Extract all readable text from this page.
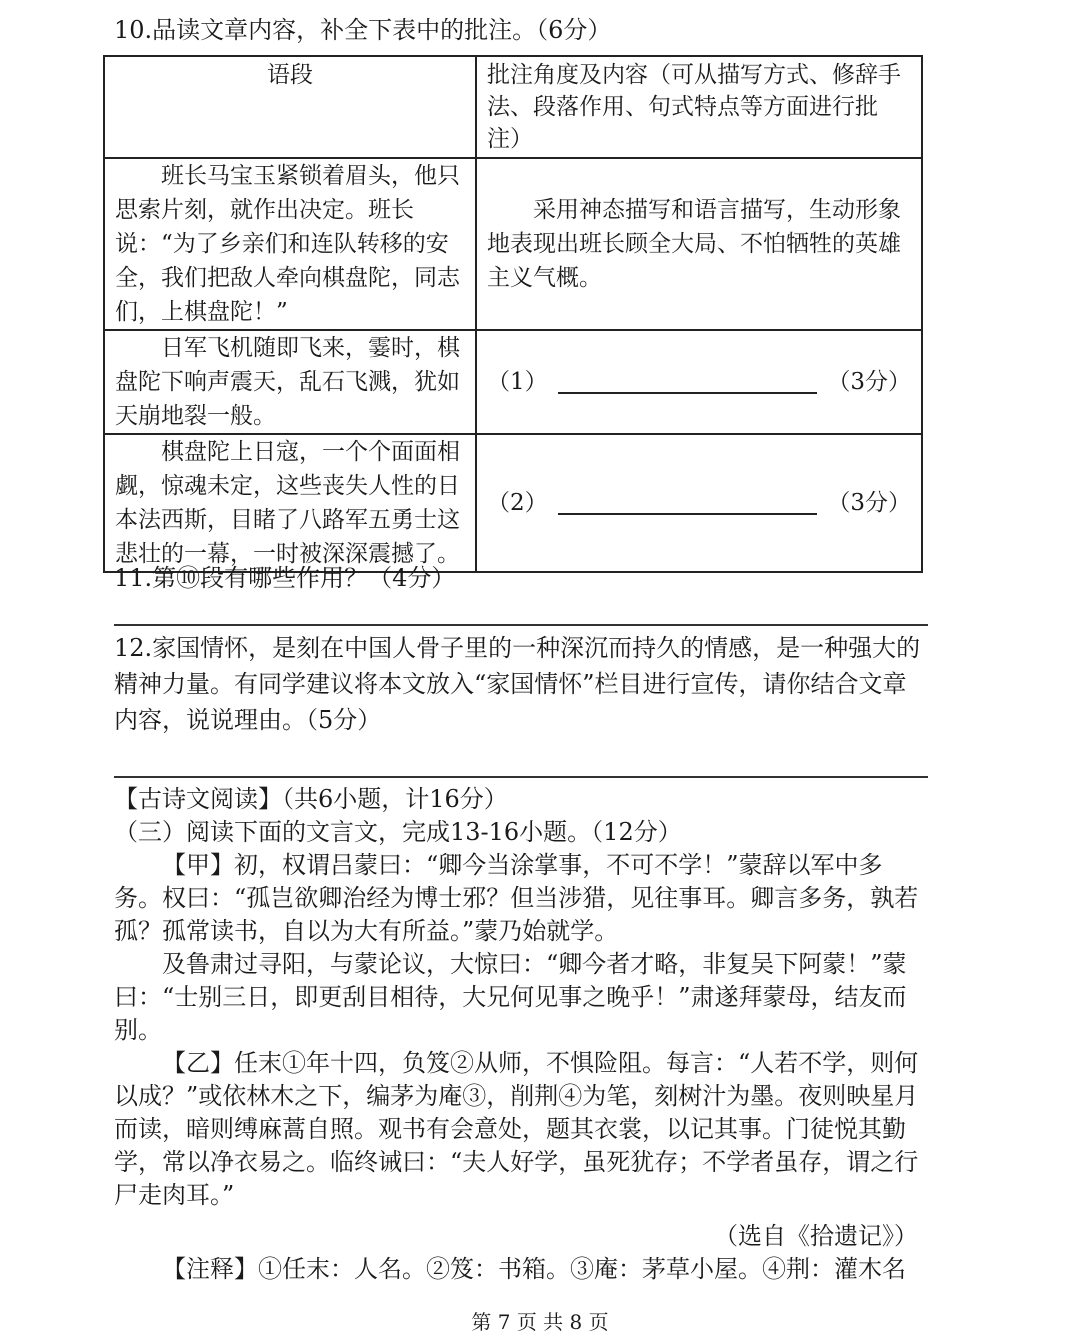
10.品读文章内容，补全下表中的批注。（6分）
语段	批注角度及内容（可从描写方式、修辞手法、段落作用、句式特点等方面进行批注）
班长马宝玉紧锁着眉头，他只思索片刻，就作出决定。班长说：“为了乡亲们和连队转移的安全，我们把敌人牵向棋盘陀，同志们，上棋盘陀！”	采用神态描写和语言描写，生动形象地表现出班长顾全大局、不怕牺牲的英雄主义气概。
日军飞机随即飞来，霎时，棋盘陀下响声震天，乱石飞溅，犹如天崩地裂一般。	（1） （3分）

棋盘陀上日寇，一个个面面相觑，惊魂未定，这些丧失人性的日本法西斯，目睹了八路军五勇士这悲壮的一幕，一时被深深震撼了。	（2） （3分）
11.第⑩段有哪些作用？（4分）
12.家国情怀，是刻在中国人骨子里的一种深沉而持久的情感，是一种强大的精神力量。有同学建议将本文放入“家国情怀”栏目进行宣传，请你结合文章内容，说说理由。（5分）

【古诗文阅读】（共6小题，计16分）

（三）阅读下面的文言文，完成13-16小题。（12分）

【甲】初，权谓吕蒙曰：“卿今当涂掌事，不可不学！”蒙辞以军中多务。权曰：“孤岂欲卿治经为博士邪？但当涉猎，见往事耳。卿言多务，孰若孤？孤常读书，自以为大有所益。”蒙乃始就学。

及鲁肃过寻阳，与蒙论议，大惊曰：“卿今者才略，非复吴下阿蒙！”蒙曰：“士别三日，即更刮目相待，大兄何见事之晚乎！”肃遂拜蒙母，结友而别。

【乙】任末①年十四，负笈②从师，不惧险阻。每言：“人若不学，则何以成？”或依林木之下，编茅为庵③，削荆④为笔，刻树汁为墨。夜则映星月而读，暗则缚麻蒿自照。观书有会意处，题其衣裳，以记其事。门徒悦其勤学，常以净衣易之。临终诫曰：“夫人好学，虽死犹存；不学者虽存，谓之行尸走肉耳。”

（选自《拾遗记》）

【注释】①任末：人名。②笈：书箱。③庵：茅草小屋。④荆：灌木名

第 7 页 共 8 页
